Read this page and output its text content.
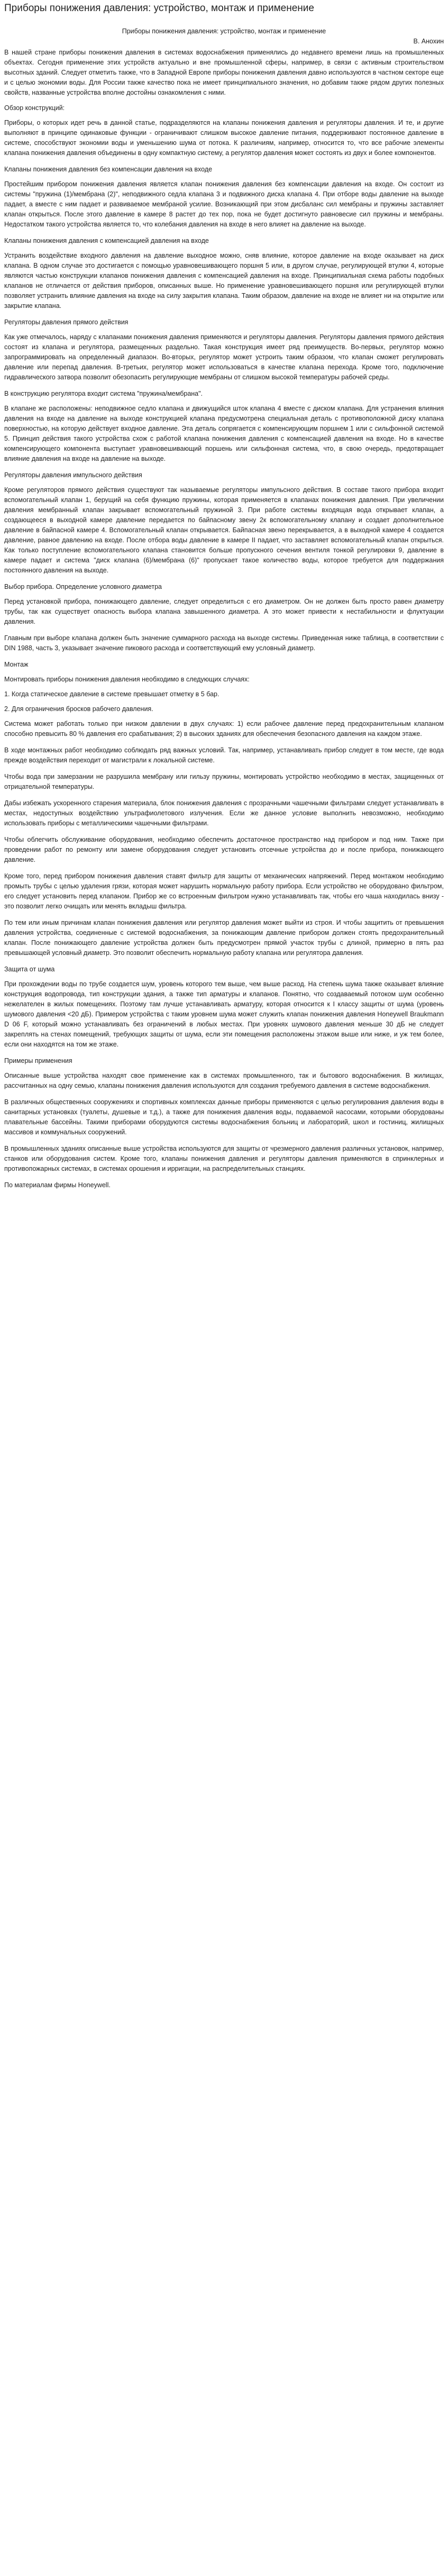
Приборы понижения давления: устройство, монтаж и применение

Приборы понижения давления: устройство, монтаж и применение

В. Анохин

В нашей стране приборы понижения давления в системах водоснабжения применялись до недавнего времени лишь на промышленных объектах. Сегодня применение этих устройств актуально и вне промышленной сферы, например, в связи с активным строительством высотных зданий. Следует отметить также, что в Западной Европе приборы понижения давления давно используются в частном секторе еще и с целью экономии воды. Для России также качество пока не имеет принципиального значения, но добавим также рядом других полезных свойств, названные устройства вполне достойны ознакомления с ними.

Обзор конструкций:

Приборы, о которых идет речь в данной статье, подразделяются на клапаны понижения давления и регуляторы давления. И те, и другие выполняют в принципе одинаковые функции - ограничивают слишком высокое давление питания, поддерживают постоянное давление в системе, способствуют экономии воды и уменьшению шума от потока. К различиям, например, относится то, что все рабочие элементы клапана понижения давления объединены в одну компактную систему, а регулятор давления может состоять из двух и более компонентов.

Клапаны понижения давления без компенсации давления на входе

Простейшим прибором понижения давления является клапан понижения давления без компенсации давления на входе. Он состоит из системы "пружина (1)/мембрана (2)", неподвижного седла клапана 3 и подвижного диска клапана 4. При отборе воды давление на выходе падает, а вместе с ним падает и развиваемое мембраной усилие. Возникающий при этом дисбаланс сил мембраны и пружины заставляет клапан открыться. После этого давление в камере 8 растет до тех пор, пока не будет достигнуто равновесие сил пружины и мембраны. Недостатком такого устройства является то, что колебания давления на входе в него влияет на давление на выходе.

Клапаны понижения давления с компенсацией давления на входе

Устранить воздействие входного давления на давление выходное можно, сняв влияние, которое давление на входе оказывает на диск клапана. В одном случае это достигается с помощью уравновешивающего поршня 5 или, в другом случае, регулирующей втулки 4, которые являются частью конструкции клапанов понижения давления с компенсацией давления на входе. Принципиальная схема работы подобных клапанов не отличается от действия приборов, описанных выше. Но применение уравновешивающего поршня или регулирующей втулки позволяет устранить влияние давления на входе на силу закрытия клапана. Таким образом, давление на входе не влияет ни на открытие или закрытие клапана.

Регуляторы давления прямого действия

Как уже отмечалось, наряду с клапанами понижения давления применяются и регуляторы давления. Регуляторы давления прямого действия состоят из клапана и регулятора, размещенных раздельно. Такая конструкция имеет ряд преимуществ. Во-первых, регулятор можно запрограммировать на определенный диапазон. Во-вторых, регулятор может устроить таким образом, что клапан сможет регулировать давление или перепад давления. В-третьих, регулятор может использоваться в качестве клапана перехода. Кроме того, подключение гидравлического затвора позволит обезопасить регулирующие мембраны от слишком высокой температуры рабочей среды.

В конструкцию регулятора входит система "пружина/мембрана".

В клапане же расположены: неподвижное седло клапана и движущийся шток клапана 4 вместе с диском клапана. Для устранения влияния давления на входе на давление на выходе конструкцией клапана предусмотрена специальная деталь с противоположной диску клапана поверхностью, на которую действует входное давление. Эта деталь сопрягается с компенсирующим поршнем 1 или с сильфонной системой 5. Принцип действия такого устройства схож с работой клапана понижения давления с компенсацией давления на входе. Но в качестве компенсирующего компонента выступает уравновешивающий поршень или сильфонная система, что, в свою очередь, предотвращает влияние давления на входе на давление на выходе.

Регуляторы давления импульсного действия

Кроме регуляторов прямого действия существуют так называемые регуляторы импульсного действия. В составе такого прибора входит вспомогательный клапан 1, берущий на себя функцию пружины, которая применяется в клапанах понижения давления. При увеличении давления мембранный клапан закрывает вспомогательный пружиной 3. При работе системы входящая вода открывает клапан, а создающееся в выходной камере давление передается по байпасному звену 2к вспомогательному клапану и создает дополнительное давление в байпасной камере 4. Вспомогательный клапан открывается. Байпасная звено перекрывается, а в выходной камере 4 создается давление, равное давлению на входе. После отбора воды давление в камере II падает, что заставляет вспомогательный клапан открыться. Как только поступление вспомогательного клапана становится больше пропускного сечения вентиля тонкой регулировки 9, давление в камере падает и система "диск клапана (6)/мембрана (6)" пропускает такое количество воды, которое требуется для поддержания постоянного давления на выходе.

Выбор прибора. Определение условного диаметра

Перед установкой прибора, понижающего давление, следует определиться с его диаметром. Он не должен быть просто равен диаметру трубы, так как существует опасность выбора клапана завышенного диаметра. А это может привести к нестабильности и флуктуации давления.

Главным при выборе клапана должен быть значение суммарного расхода на выходе системы. Приведенная ниже таблица, в соответствии с DIN 1988, часть 3, указывает значение пикового расхода и соответствующий ему условный диаметр.

Монтаж

Монтировать приборы понижения давления необходимо в следующих случаях:

1. Когда статическое давление в системе превышает отметку в 5 бар.

2. Для ограничения бросков рабочего давления.

Система может работать только при низком давлении в двух случаях: 1) если рабочее давление перед предохранительным клапаном способно превысить 80 % давления его срабатывания; 2) в высоких зданиях для обеспечения безопасного давления на каждом этаже.

В ходе монтажных работ необходимо соблюдать ряд важных условий. Так, например, устанавливать прибор следует в том месте, где вода прежде воздействия переходит от магистрали к локальной системе.

Чтобы вода при замерзании не разрушила мембрану или гильзу пружины, монтировать устройство необходимо в местах, защищенных от отрицательной температуры.

Дабы избежать ускоренного старения материала, блок понижения давления с прозрачными чашечными фильтрами следует устанавливать в местах, недоступных воздействию ультрафиолетового излучения. Если же данное условие выполнить невозможно, необходимо использовать приборы с металлическими чашечными фильтрами.

Чтобы облегчить обслуживание оборудования, необходимо обеспечить достаточное пространство над прибором и под ним. Также при проведении работ по ремонту или замене оборудования следует установить отсечные устройства до и после прибора, понижающего давление.

Кроме того, перед прибором понижения давления ставят фильтр для защиты от механических напряжений. Перед монтажом необходимо промыть трубы с целью удаления грязи, которая может нарушить нормальную работу прибора. Если устройство не оборудовано фильтром, его следует установить перед клапаном. Прибор же со встроенным фильтром нужно устанавливать так, чтобы его чаша находилась внизу - это позволит легко очищать или менять вкладыш фильтра.

По тем или иным причинам клапан понижения давления или регулятор давления может выйти из строя. И чтобы защитить от превышения давления устройства, соединенные с системой водоснабжения, за понижающим давление прибором должен стоять предохранительный клапан. После понижающего давление устройства должен быть предусмотрен прямой участок трубы с длиной, примерно в пять раз превышающей условный диаметр. Это позволит обеспечить нормальную работу клапана или регулятора давления.

Защита от шума

При прохождении воды по трубе создается шум, уровень которого тем выше, чем выше расход. На степень шума также оказывает влияние конструкция водопровода, тип конструкции здания, а также тип арматуры и клапанов. Понятно, что создаваемый потоком шум особенно нежелателен в жилых помещениях. Поэтому там лучше устанавливать арматуру, которая относится к I классу защиты от шума (уровень шумового давления <20 дБ). Примером устройства с таким уровнем шума может служить клапан понижения давления Honeywell Braukmann D 06 F, который можно устанавливать без ограничений в любых местах. При уровнях шумового давления меньше 30 дБ не следует закреплять на стенах помещений, требующих защиты от шума, если эти помещения расположены этажом выше или ниже, и уж тем более, если они находятся на том же этаже.

Примеры применения

Описанные выше устройства находят свое применение как в системах промышленного, так и бытового водоснабжения. В жилищах, рассчитанных на одну семью, клапаны понижения давления используются для создания требуемого давления в системе водоснабжения.

В различных общественных сооружениях и спортивных комплексах данные приборы применяются с целью регулирования давления воды в санитарных установках (туалеты, душевые и т.д.), а также для понижения давления воды, подаваемой насосами, которыми оборудованы плавательные бассейны. Такими приборами оборудуются системы водоснабжения больниц и лабораторий, школ и гостиниц, жилищных массивов и коммунальных сооружений.

В промышленных зданиях описанные выше устройства используются для защиты от чрезмерного давления различных установок, например, станков или оборудования систем. Кроме того, клапаны понижения давления и регуляторы давления применяются в спринклерных и противопожарных системах, в системах орошения и ирригации, на распределительных станциях.

По материалам фирмы Honeywell.
